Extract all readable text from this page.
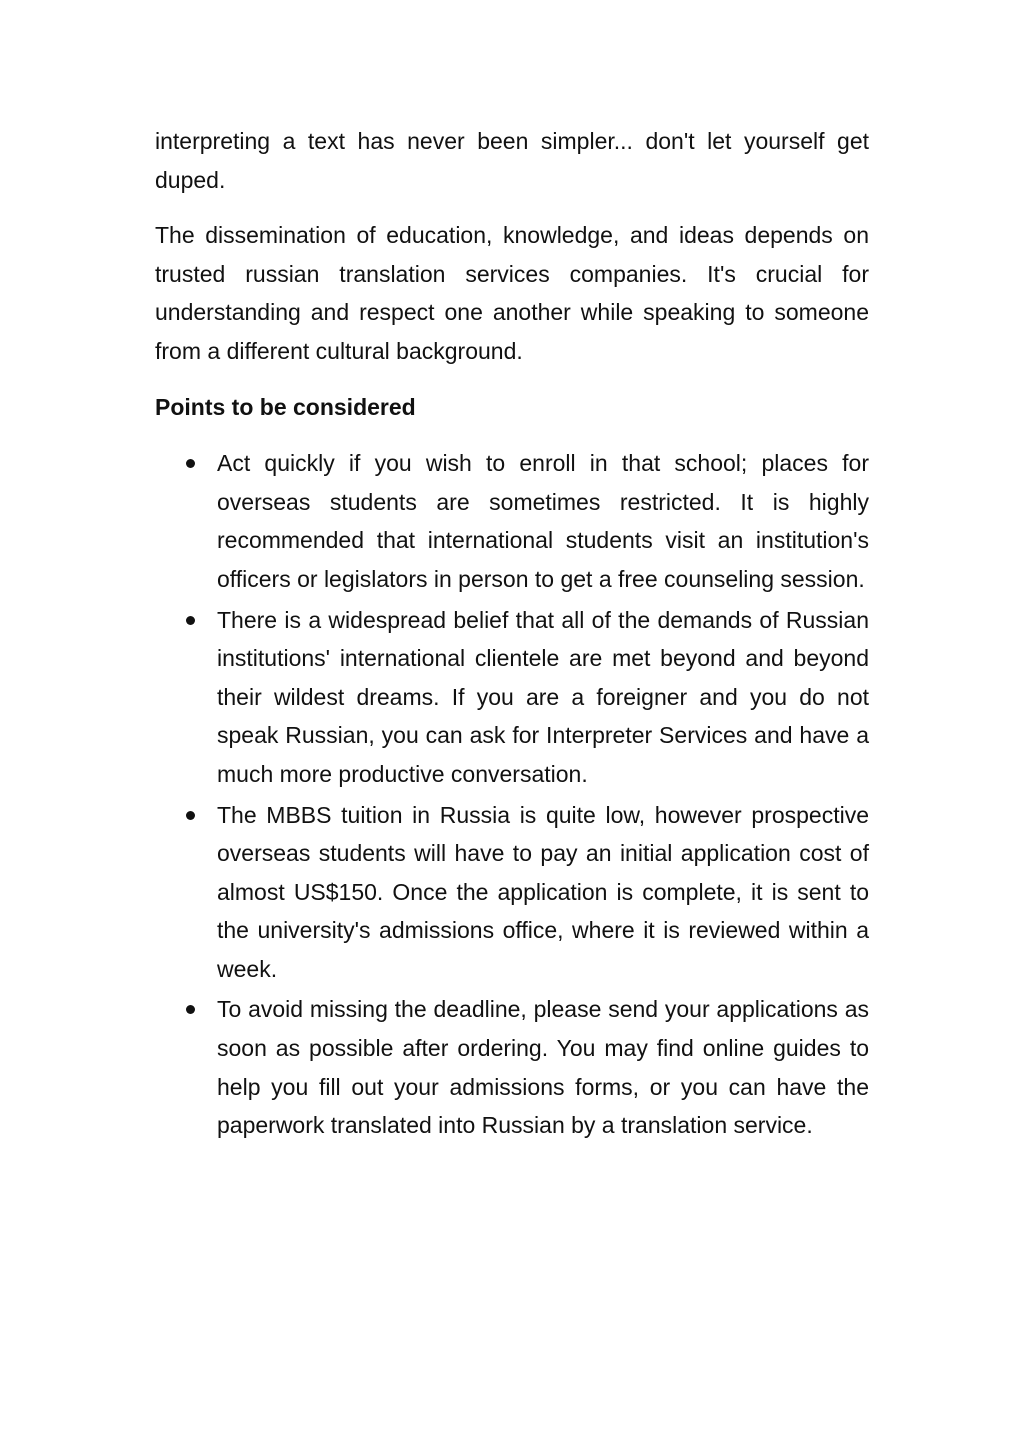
interpreting a text has never been simpler... don't let yourself get duped.

The dissemination of education, knowledge, and ideas depends on trusted russian translation services companies. It's crucial for understanding and respect one another while speaking to someone from a different cultural background.

Points to be considered

Act quickly if you wish to enroll in that school; places for overseas students are sometimes restricted. It is highly recommended that international students visit an institution's officers or legislators in person to get a free counseling session.
There is a widespread belief that all of the demands of Russian institutions' international clientele are met beyond and beyond their wildest dreams. If you are a foreigner and you do not speak Russian, you can ask for Interpreter Services and have a much more productive conversation.
The MBBS tuition in Russia is quite low, however prospective overseas students will have to pay an initial application cost of almost US$150. Once the application is complete, it is sent to the university's admissions office, where it is reviewed within a week.
To avoid missing the deadline, please send your applications as soon as possible after ordering. You may find online guides to help you fill out your admissions forms, or you can have the paperwork translated into Russian by a translation service.
